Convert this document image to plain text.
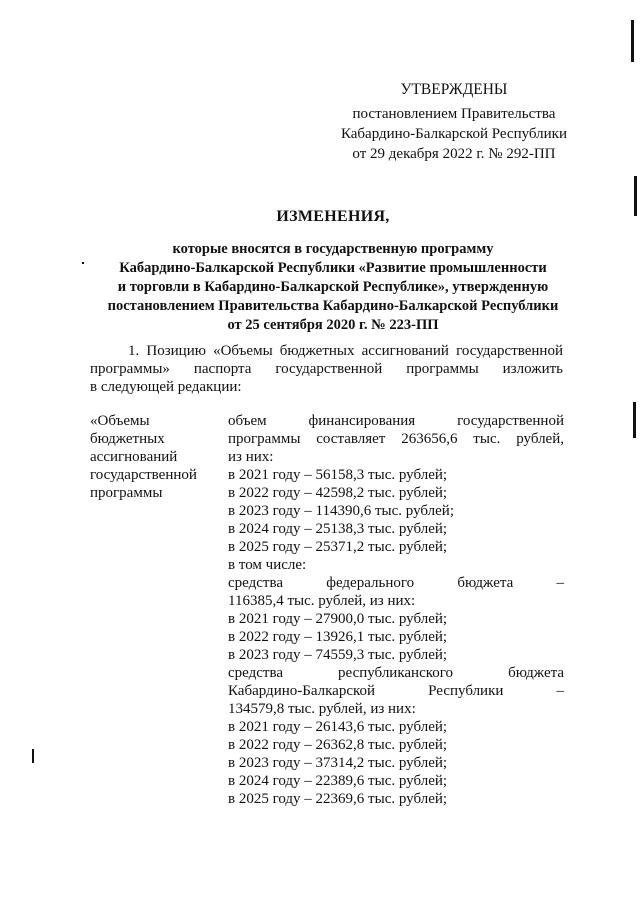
УТВЕРЖДЕНЫ
постановлением Правительства
Кабардино-Балкарской Республики
от 29 декабря 2022 г. № 292-ПП
ИЗМЕНЕНИЯ,
которые вносятся в государственную программу
Кабардино-Балкарской Республики «Развитие промышленности
и торговли в Кабардино-Балкарской Республике», утвержденную
постановлением Правительства Кабардино-Балкарской Республики
от 25 сентября 2020 г. № 223-ПП
1. Позицию «Объемы бюджетных ассигнований государственной
программы» паспорта государственной программы изложить
в следующей редакции:
«Объемы
бюджетных
ассигнований
государственной
программы
объем финансирования государственной
программы составляет 263656,6 тыс. рублей,
из них:
в 2021 году – 56158,3 тыс. рублей;
в 2022 году – 42598,2 тыс. рублей;
в 2023 году – 114390,6 тыс. рублей;
в 2024 году – 25138,3 тыс. рублей;
в 2025 году – 25371,2 тыс. рублей;
в том числе:
средства федерального бюджета –
116385,4 тыс. рублей, из них:
в 2021 году – 27900,0 тыс. рублей;
в 2022 году – 13926,1 тыс. рублей;
в 2023 году – 74559,3 тыс. рублей;
средства республиканского бюджета
Кабардино-Балкарской Республики –
134579,8 тыс. рублей, из них:
в 2021 году – 26143,6 тыс. рублей;
в 2022 году – 26362,8 тыс. рублей;
в 2023 году – 37314,2 тыс. рублей;
в 2024 году – 22389,6 тыс. рублей;
в 2025 году – 22369,6 тыс. рублей;
